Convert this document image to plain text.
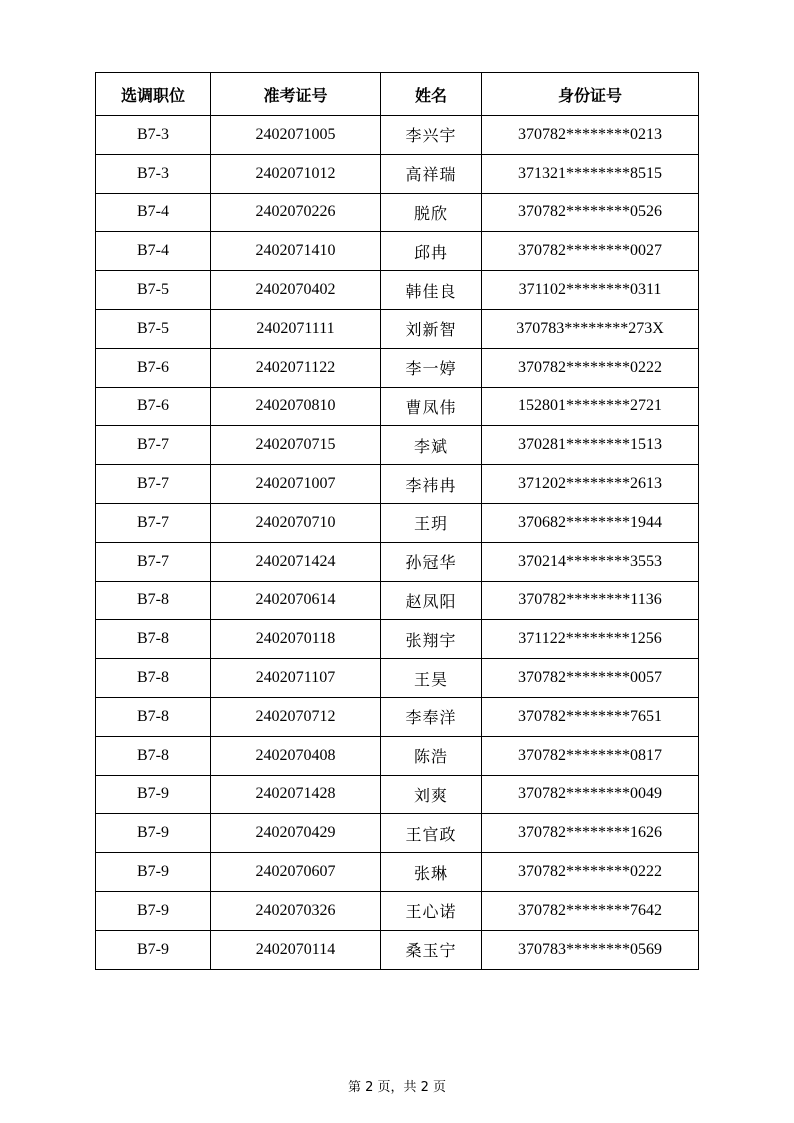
选调职位	准考证号	姓名	身份证号
B7-3	2402071005	李兴宇	370782********0213
B7-3	2402071012	高祥瑞	371321********8515
B7-4	2402070226	脱欣	370782********0526
B7-4	2402071410	邱冉	370782********0027
B7-5	2402070402	韩佳良	371102********0311
B7-5	2402071111	刘新智	370783********273X
B7-6	2402071122	李一婷	370782********0222
B7-6	2402070810	曹凤伟	152801********2721
B7-7	2402070715	李斌	370281********1513
B7-7	2402071007	李祎冉	371202********2613
B7-7	2402070710	王玥	370682********1944
B7-7	2402071424	孙冠华	370214********3553
B7-8	2402070614	赵凤阳	370782********1136
B7-8	2402070118	张翔宇	371122********1256
B7-8	2402071107	王昊	370782********0057
B7-8	2402070712	李奉洋	370782********7651
B7-8	2402070408	陈浩	370782********0817
B7-9	2402071428	刘爽	370782********0049
B7-9	2402070429	王官政	370782********1626
B7-9	2402070607	张琳	370782********0222
B7-9	2402070326	王心诺	370782********7642
B7-9	2402070114	桑玉宁	370783********0569
第 2 页，共 2 页
